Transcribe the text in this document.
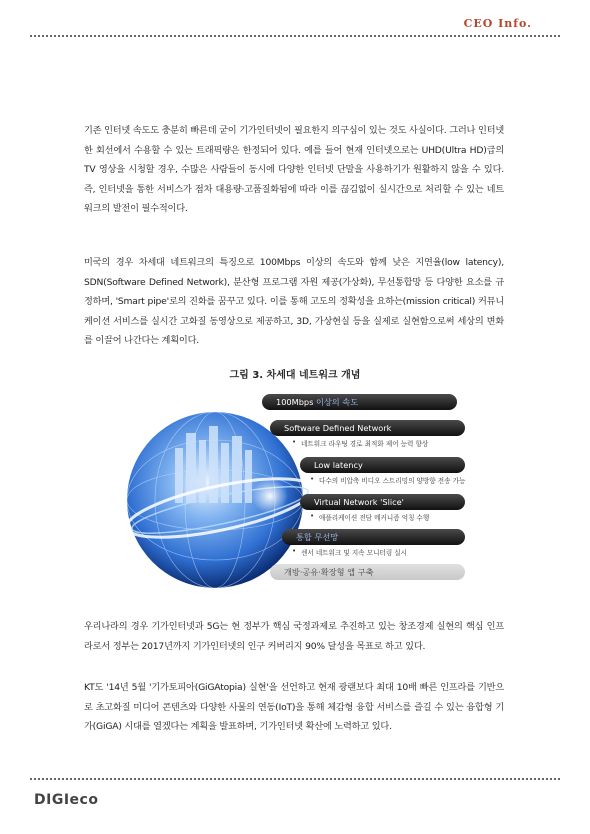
CEO Info.
기존 인터넷 속도도 충분히 빠른데 굳이 기가인터넷이 필요한지 의구심이 있는 것도 사실이다. 그러나 인터넷 한 회선에서 수용할 수 있는 트래픽량은 한정되어 있다. 예를 들어 현재 인터넷으로는 UHD(Ultra HD)급의 TV 영상을 시청할 경우, 수많은 사람들이 동시에 다양한 인터넷 단말을 사용하기가 원활하지 않을 수 있다. 즉, 인터넷을 통한 서비스가 점차 대용량·고품질화됨에 따라 이를 끊김없이 실시간으로 처리할 수 있는 네트워크의 발전이 필수적이다.
미국의 경우 차세대 네트워크의 특징으로 100Mbps 이상의 속도와 함께 낮은 지연율(low latency), SDN(Software Defined Network), 분산형 프로그램 자원 제공(가상화), 무선통합망 등 다양한 요소를 규정하며, 'Smart pipe'로의 진화를 꿈꾸고 있다. 이를 통해 고도의 정확성을 요하는(mission critical) 커뮤니케이션 서비스를 실시간 고화질 동영상으로 제공하고, 3D, 가상현실 등을 실제로 실현함으로써 세상의 변화를 이끌어 나간다는 계획이다.
그림 3. 차세대 네트워크 개념
100Mbps 이상의 속도
Software Defined Network
• 네트워크 라우팅 경로 최적화 제어 능력 향상
Low latency
• 다수의 비압축 비디오 스트리밍의 양방향 전송 가능
Virtual Network 'Slice'
• 애플리케이션 전담 메커니즘 억칭 수행
통합 무선망
• 센서 네트워크 및 지속 모니터링 실시
개방·공유·확장형 앱 구축
우리나라의 경우 기가인터넷과 5G는 현 정부가 핵심 국정과제로 추진하고 있는 창조경제 실현의 핵심 인프라로서 정부는 2017년까지 기가인터넷의 인구 커버리지 90% 달성을 목표로 하고 있다.
KT도 '14년 5월 '기가토피아(GiGAtopia) 실현'을 선언하고 현재 광랜보다 최대 10배 빠른 인프라를 기반으로 초고화질 미디어 콘텐츠와 다양한 사물의 연동(IoT)을 통해 체감형 융합 서비스를 즐길 수 있는 융합형 기가(GiGA) 시대를 열겠다는 계획을 발표하며, 기가인터넷 확산에 노력하고 있다.
DIGIeco
